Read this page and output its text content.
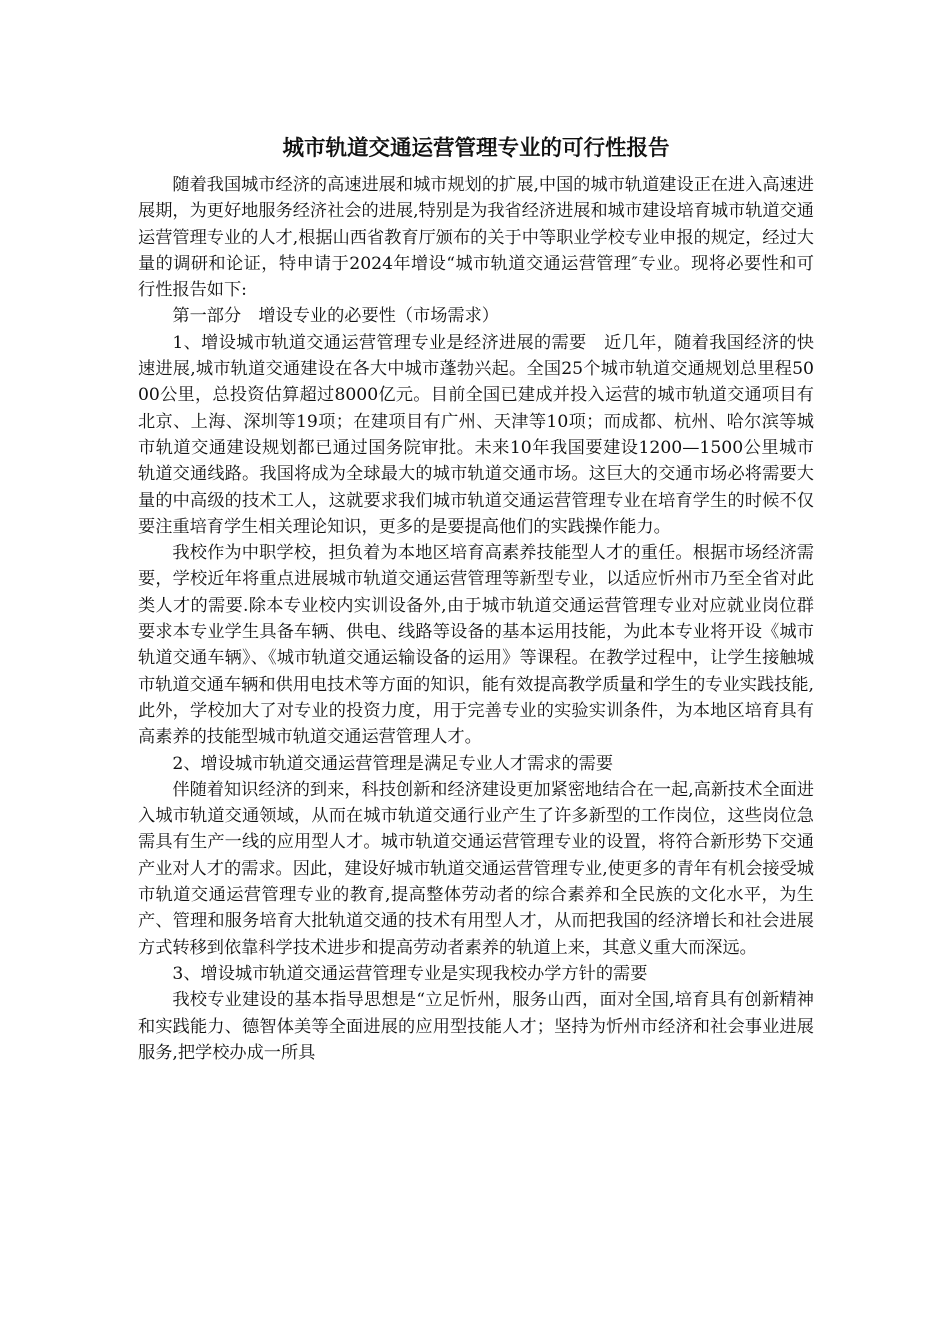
城市轨道交通运营管理专业的可行性报告

随着我国城市经济的高速进展和城市规划的扩展,中国的城市轨道建设正在进入高速进展期，为更好地服务经济社会的进展,特别是为我省经济进展和城市建设培育城市轨道交通运营管理专业的人才,根据山西省教育厅颁布的关于中等职业学校专业申报的规定，经过大量的调研和论证，特申请于2024年增设“城市轨道交通运营管理″专业。现将必要性和可行性报告如下:

第一部分　增设专业的必要性（市场需求）

1、增设城市轨道交通运营管理专业是经济进展的需要　近几年，随着我国经济的快速进展,城市轨道交通建设在各大中城市蓬勃兴起。全国25个城市轨道交通规划总里程5000公里，总投资估算超过8000亿元。目前全国已建成并投入运营的城市轨道交通项目有北京、上海、深圳等19项；在建项目有广州、天津等10项；而成都、杭州、哈尔滨等城市轨道交通建设规划都已通过国务院审批。未来10年我国要建设1200—1500公里城市轨道交通线路。我国将成为全球最大的城市轨道交通市场。这巨大的交通市场必将需要大量的中高级的技术工人，这就要求我们城市轨道交通运营管理专业在培育学生的时候不仅要注重培育学生相关理论知识，更多的是要提高他们的实践操作能力。

我校作为中职学校，担负着为本地区培育高素养技能型人才的重任。根据市场经济需要，学校近年将重点进展城市轨道交通运营管理等新型专业，以适应忻州市乃至全省对此类人才的需要.除本专业校内实训设备外,由于城市轨道交通运营管理专业对应就业岗位群要求本专业学生具备车辆、供电、线路等设备的基本运用技能，为此本专业将开设《城市轨道交通车辆》、《城市轨道交通运输设备的运用》等课程。在教学过程中，让学生接触城市轨道交通车辆和供用电技术等方面的知识，能有效提高教学质量和学生的专业实践技能,此外，学校加大了对专业的投资力度，用于完善专业的实验实训条件，为本地区培育具有高素养的技能型城市轨道交通运营管理人才。

2、增设城市轨道交通运营管理是满足专业人才需求的需要

伴随着知识经济的到来，科技创新和经济建设更加紧密地结合在一起,高新技术全面进入城市轨道交通领域，从而在城市轨道交通行业产生了许多新型的工作岗位，这些岗位急需具有生产一线的应用型人才。城市轨道交通运营管理专业的设置，将符合新形势下交通产业对人才的需求。因此，建设好城市轨道交通运营管理专业,使更多的青年有机会接受城市轨道交通运营管理专业的教育,提高整体劳动者的综合素养和全民族的文化水平，为生产、管理和服务培育大批轨道交通的技术有用型人才，从而把我国的经济增长和社会进展方式转移到依靠科学技术进步和提高劳动者素养的轨道上来，其意义重大而深远。

3、增设城市轨道交通运营管理专业是实现我校办学方针的需要

我校专业建设的基本指导思想是“立足忻州，服务山西，面对全国,培育具有创新精神和实践能力、德智体美等全面进展的应用型技能人才；坚持为忻州市经济和社会事业进展服务,把学校办成一所具
